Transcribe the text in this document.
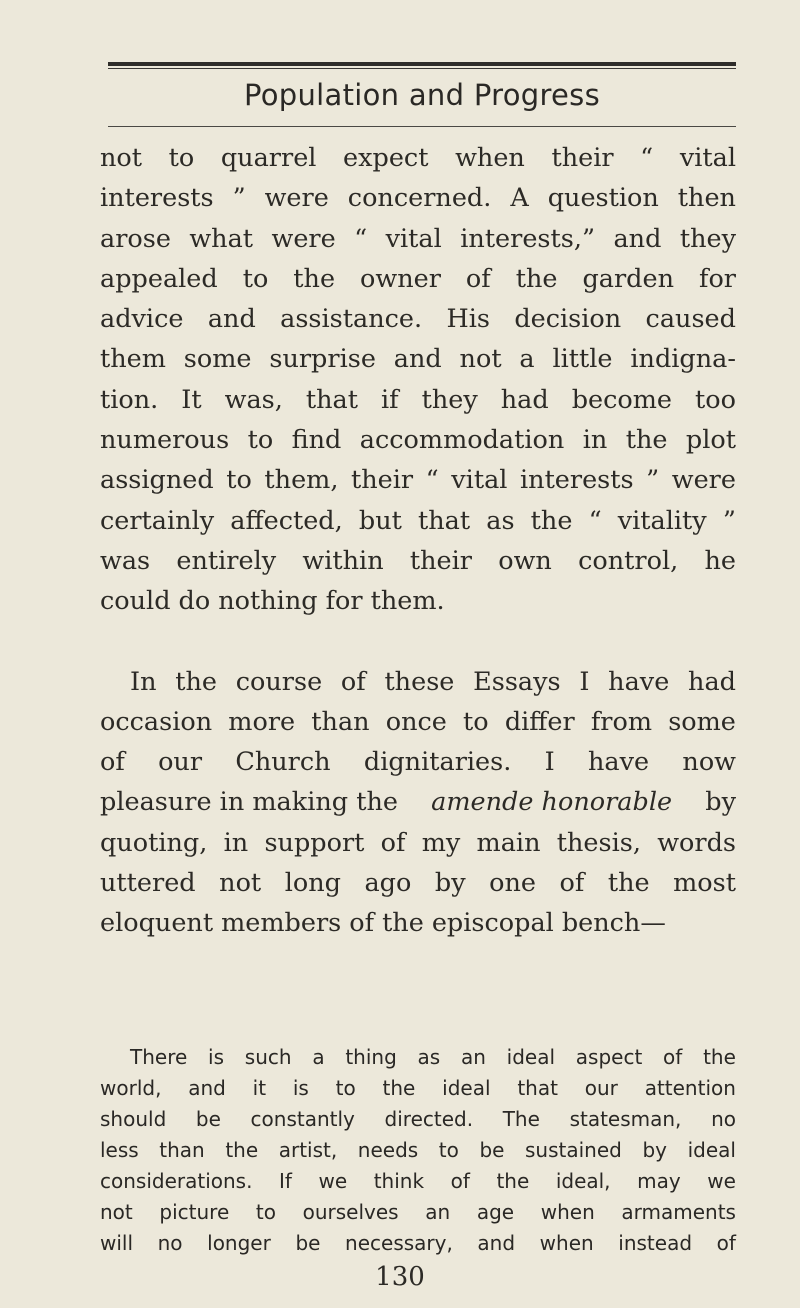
Population and Progress
not to quarrel expect when their “ vital
interests ” were concerned. A question then
arose what were “ vital interests,” and they
appealed to the owner of the garden for
advice and assistance. His decision caused
them some surprise and not a little indigna-
tion. It was, that if they had become too
numerous to find accommodation in the plot
assigned to them, their “ vital interests ” were
certainly affected, but that as the “ vitality ”
was entirely within their own control, he
could do nothing for them.
In the course of these Essays I have had
occasion more than once to differ from some
of our Church dignitaries. I have now
pleasure in making the amende honorable by
quoting, in support of my main thesis, words
uttered not long ago by one of the most
eloquent members of the episcopal bench—
There is such a thing as an ideal aspect of the
world, and it is to the ideal that our attention
should be constantly directed. The statesman, no
less than the artist, needs to be sustained by ideal
considerations. If we think of the ideal, may we
not picture to ourselves an age when armaments
will no longer be necessary, and when instead of
130
